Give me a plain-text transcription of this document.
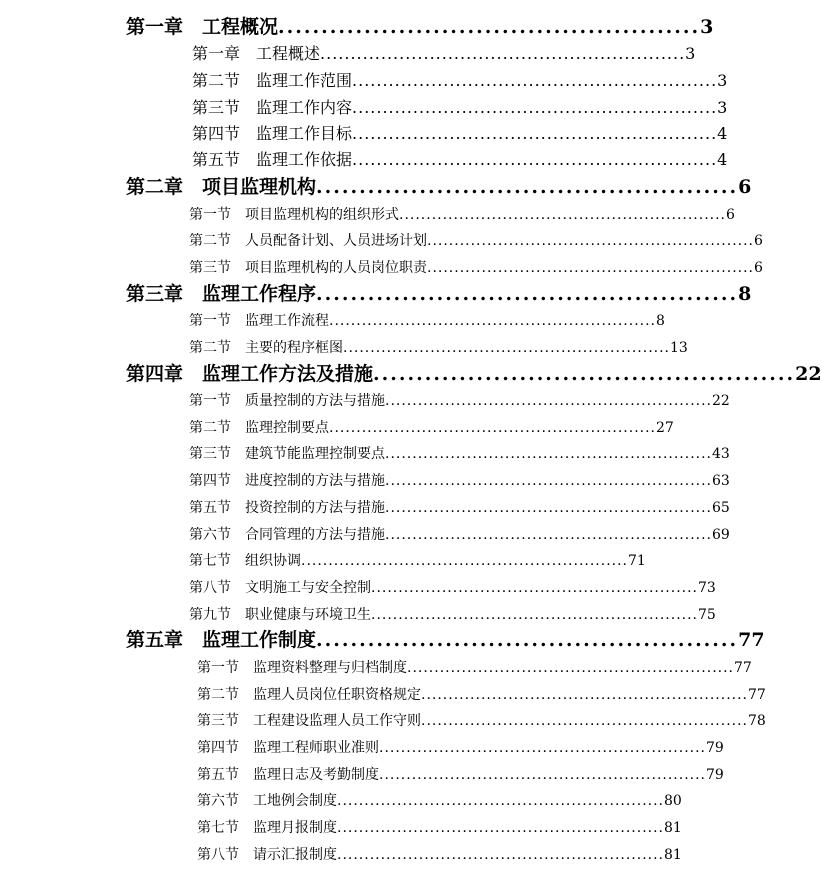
第一章　工程概况 ................................................. 3
第一章　工程概述 ............................................................ 3
第二节　监理工作范围 ............................................................ 3
第三节　监理工作内容 ............................................................ 3
第四节　监理工作目标 ............................................................ 4
第五节　监理工作依据 ............................................................ 4
第二章　项目监理机构 ................................................. 6
第一节　项目监理机构的组织形式 ............................................................ 6
第二节　人员配备计划、人员进场计划 ............................................................ 6
第三节　项目监理机构的人员岗位职责 ............................................................ 6
第三章　监理工作程序 ................................................. 8
第一节　监理工作流程 ............................................................ 8
第二节　主要的程序框图 ............................................................ 13
第四章　监理工作方法及措施 ................................................. 22
第一节　质量控制的方法与措施 ............................................................ 22
第二节　监理控制要点 ............................................................ 27
第三节　建筑节能监理控制要点 ............................................................ 43
第四节　进度控制的方法与措施 ............................................................ 63
第五节　投资控制的方法与措施 ............................................................ 65
第六节　合同管理的方法与措施 ............................................................ 69
第七节　组织协调 ............................................................ 71
第八节　文明施工与安全控制 ............................................................ 73
第九节　职业健康与环境卫生 ............................................................ 75
第五章　监理工作制度 ................................................. 77
第一节　监理资料整理与归档制度 ............................................................ 77
第二节　监理人员岗位任职资格规定 ............................................................ 77
第三节　工程建设监理人员工作守则 ............................................................ 78
第四节　监理工程师职业准则 ............................................................ 79
第五节　监理日志及考勤制度 ............................................................ 79
第六节　工地例会制度 ............................................................ 80
第七节　监理月报制度 ............................................................ 81
第八节　请示汇报制度 ............................................................ 81
